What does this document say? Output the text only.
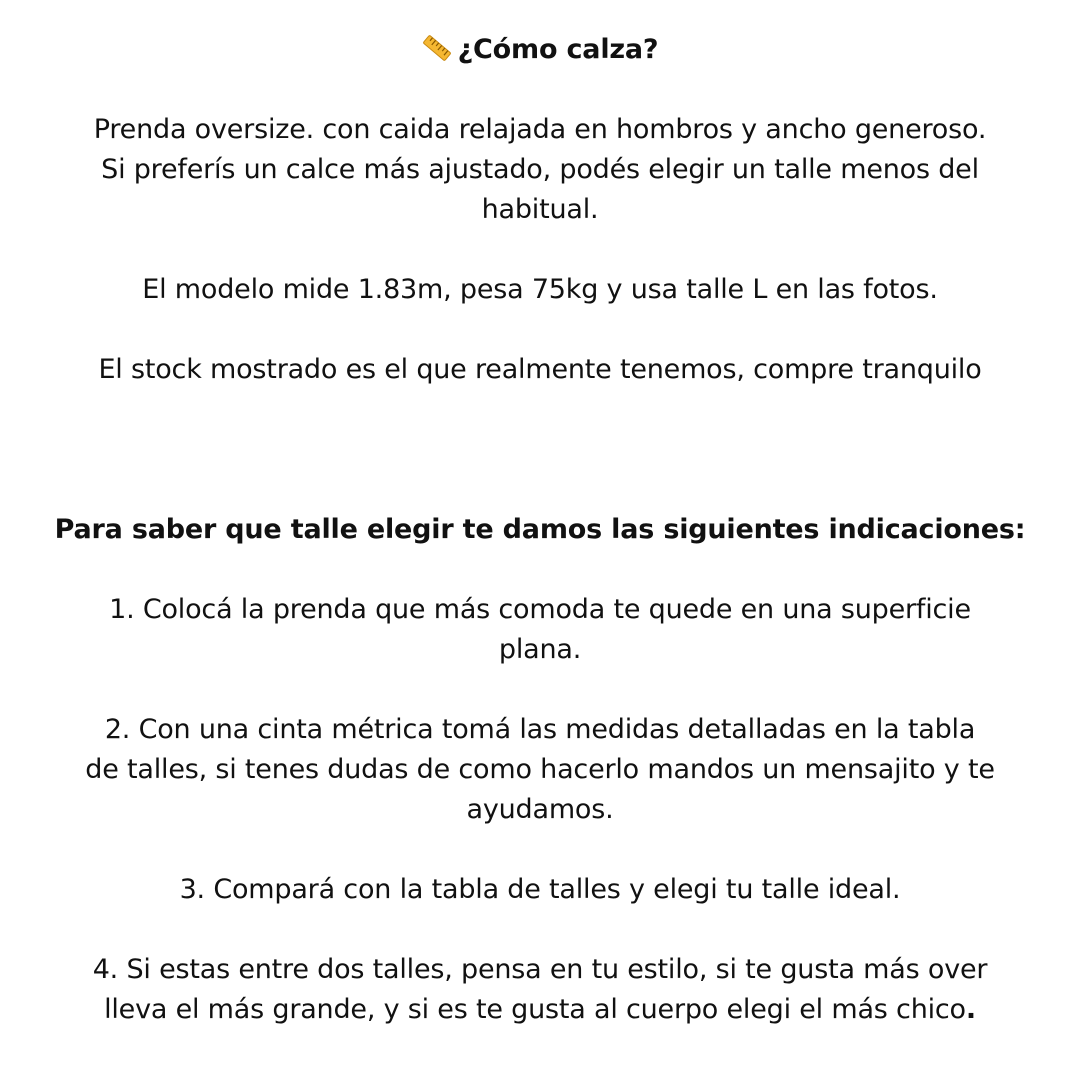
¿Cómo calza?
Prenda oversize. con caida relajada en hombros y ancho generoso.
Si preferís un calce más ajustado, podés elegir un talle menos del
habitual.
El modelo mide 1.83m, pesa 75kg y usa talle L en las fotos.
El stock mostrado es el que realmente tenemos, compre tranquilo
Para saber que talle elegir te damos las siguientes indicaciones:
1. Colocá la prenda que más comoda te quede en una superficie
plana.
2. Con una cinta métrica tomá las medidas detalladas en la tabla
de talles, si tenes dudas de como hacerlo mandos un mensajito y te
ayudamos.
3. Compará con la tabla de talles y elegi tu talle ideal.
4. Si estas entre dos talles, pensa en tu estilo, si te gusta más over
lleva el más grande, y si es te gusta al cuerpo elegi el más chico.
